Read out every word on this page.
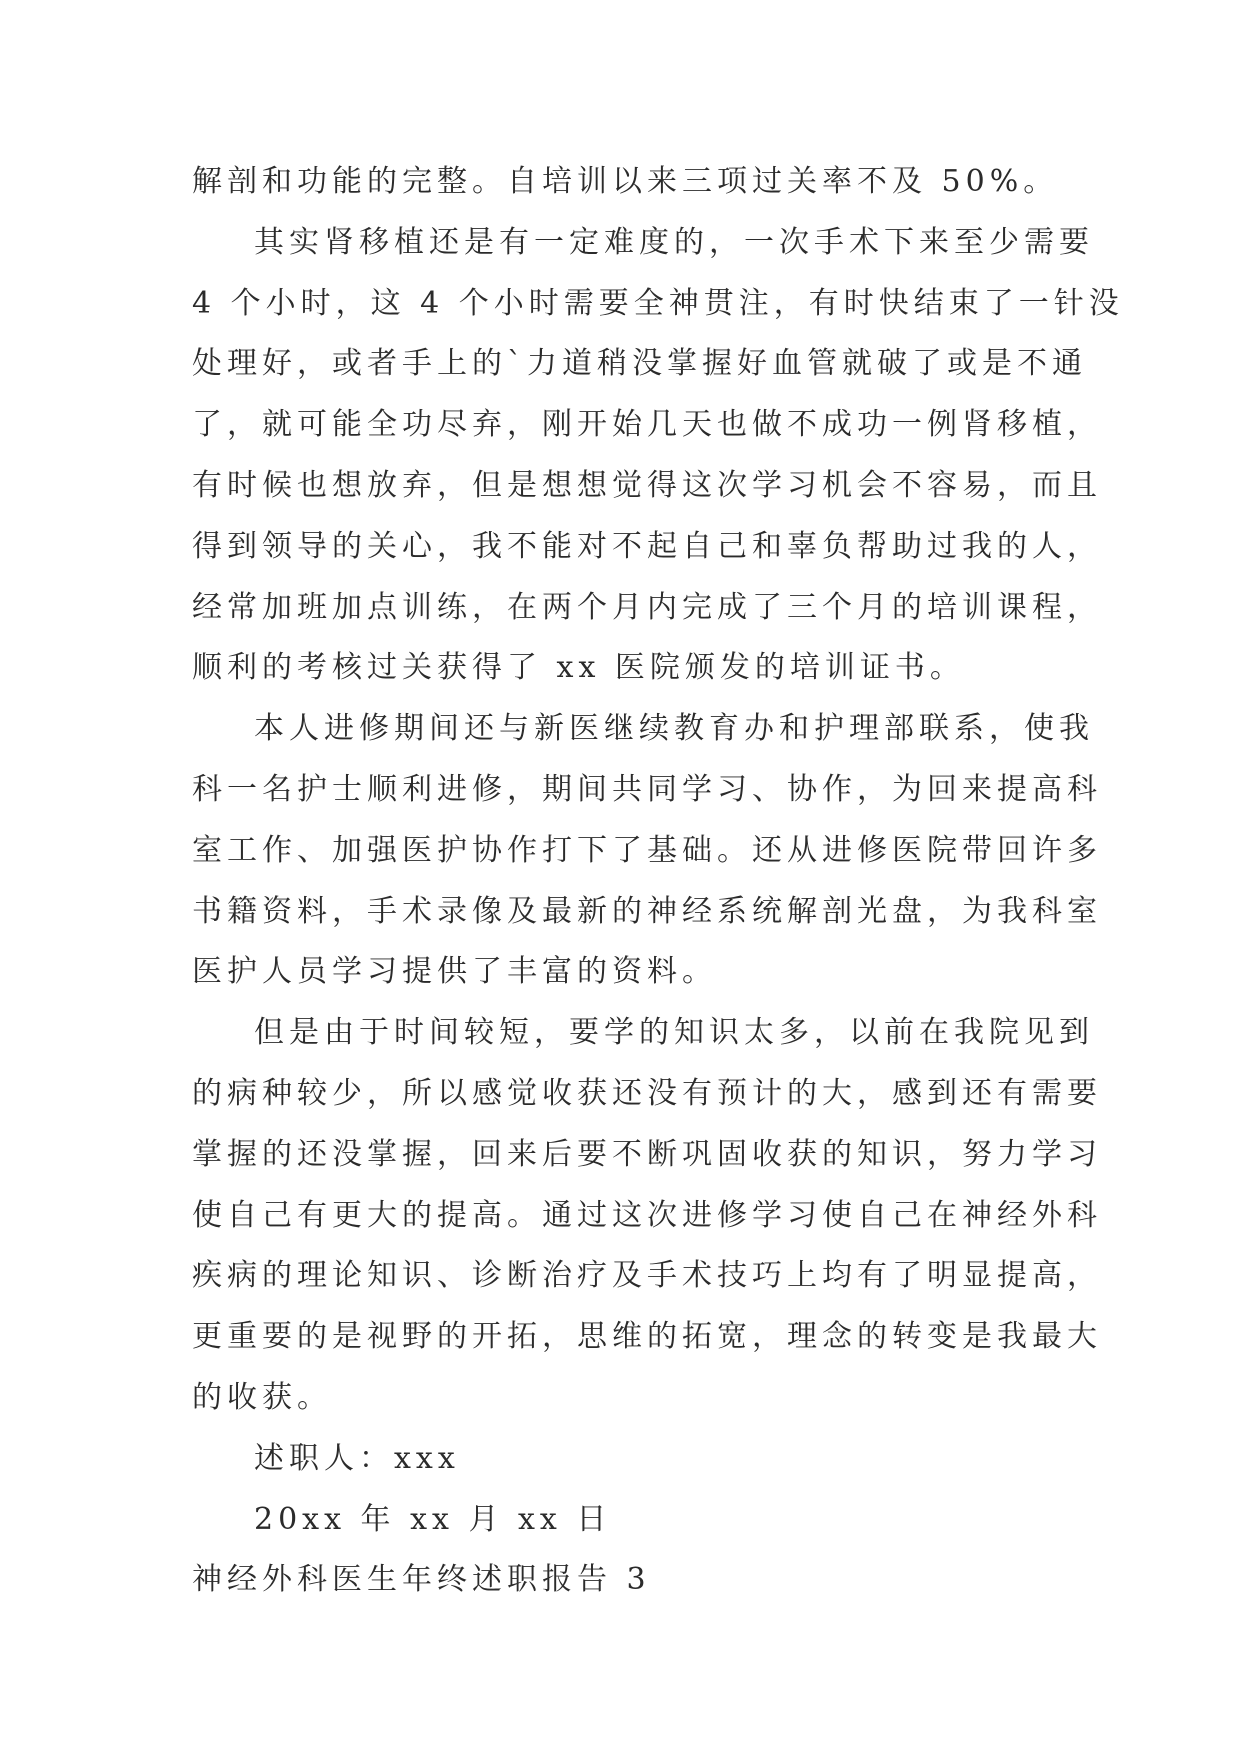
解剖和功能的完整。自培训以来三项过关率不及 50%。
其实肾移植还是有一定难度的，一次手术下来至少需要
4 个小时，这 4 个小时需要全神贯注，有时快结束了一针没
处理好，或者手上的`力道稍没掌握好血管就破了或是不通
了，就可能全功尽弃，刚开始几天也做不成功一例肾移植，
有时候也想放弃，但是想想觉得这次学习机会不容易，而且
得到领导的关心，我不能对不起自己和辜负帮助过我的人，
经常加班加点训练，在两个月内完成了三个月的培训课程，
顺利的考核过关获得了 xx 医院颁发的培训证书。
本人进修期间还与新医继续教育办和护理部联系，使我
科一名护士顺利进修，期间共同学习、协作，为回来提高科
室工作、加强医护协作打下了基础。还从进修医院带回许多
书籍资料，手术录像及最新的神经系统解剖光盘，为我科室
医护人员学习提供了丰富的资料。
但是由于时间较短，要学的知识太多，以前在我院见到
的病种较少，所以感觉收获还没有预计的大，感到还有需要
掌握的还没掌握，回来后要不断巩固收获的知识，努力学习
使自己有更大的提高。通过这次进修学习使自己在神经外科
疾病的理论知识、诊断治疗及手术技巧上均有了明显提高，
更重要的是视野的开拓，思维的拓宽，理念的转变是我最大
的收获。
述职人：xxx
20xx 年 xx 月 xx 日
神经外科医生年终述职报告 3
